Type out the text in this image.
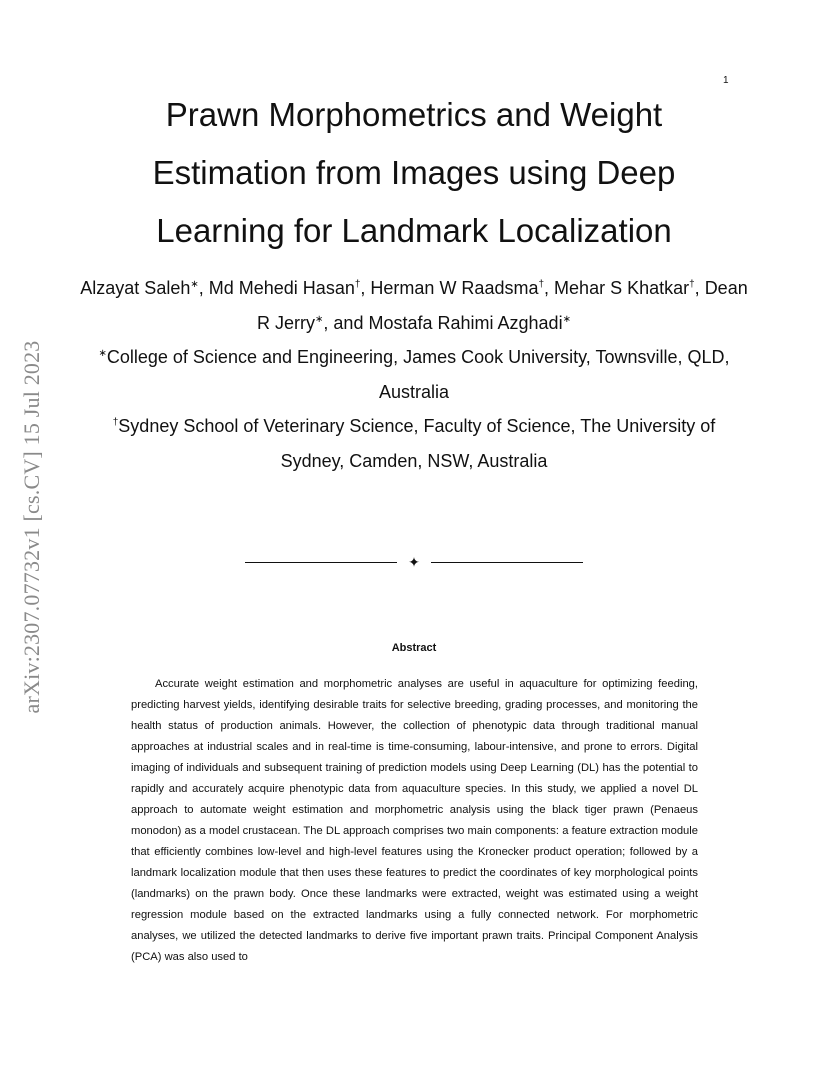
1
arXiv:2307.07732v1 [cs.CV] 15 Jul 2023
Prawn Morphometrics and Weight Estimation from Images using Deep Learning for Landmark Localization
Alzayat Saleh∗, Md Mehedi Hasan†, Herman W Raadsma†, Mehar S Khatkar†, Dean R Jerry∗, and Mostafa Rahimi Azghadi∗
∗College of Science and Engineering, James Cook University, Townsville, QLD, Australia
†Sydney School of Veterinary Science, Faculty of Science, The University of Sydney, Camden, NSW, Australia
✦
Abstract

Accurate weight estimation and morphometric analyses are useful in aquaculture for optimizing feeding, predicting harvest yields, identifying desirable traits for selective breeding, grading processes, and monitoring the health status of production animals. However, the collection of phenotypic data through traditional manual approaches at industrial scales and in real-time is time-consuming, labour-intensive, and prone to errors. Digital imaging of individuals and subsequent training of prediction models using Deep Learning (DL) has the potential to rapidly and accurately acquire phenotypic data from aquaculture species. In this study, we applied a novel DL approach to automate weight estimation and morphometric analysis using the black tiger prawn (Penaeus monodon) as a model crustacean. The DL approach comprises two main components: a feature extraction module that efficiently combines low-level and high-level features using the Kronecker product operation; followed by a landmark localization module that then uses these features to predict the coordinates of key morphological points (landmarks) on the prawn body. Once these landmarks were extracted, weight was estimated using a weight regression module based on the extracted landmarks using a fully connected network. For morphometric analyses, we utilized the detected landmarks to derive five important prawn traits. Principal Component Analysis (PCA) was also used to
